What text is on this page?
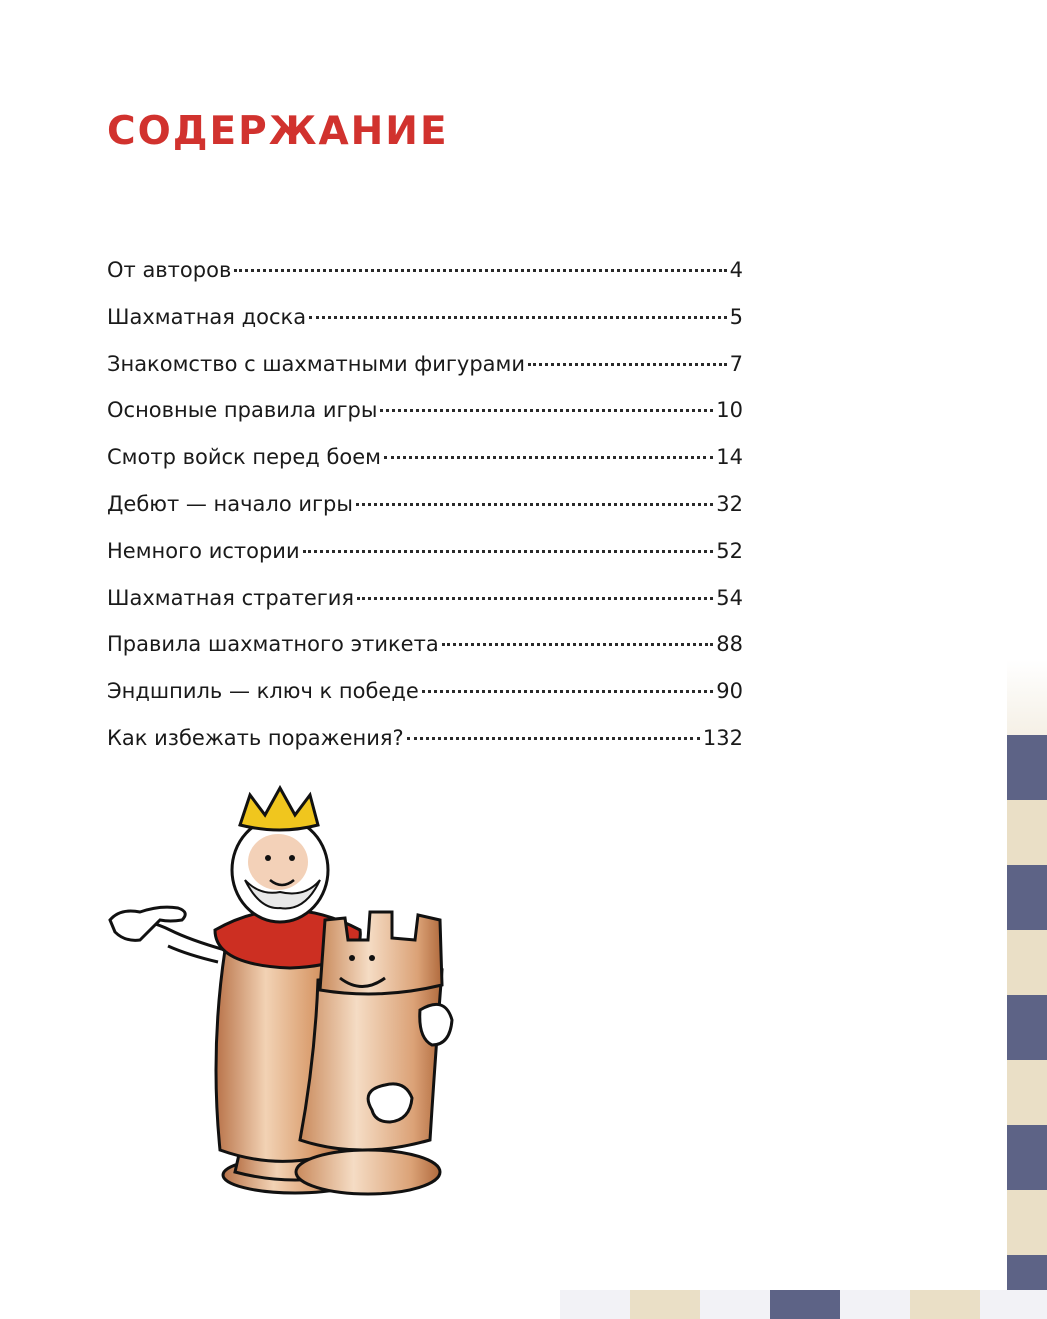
СОДЕРЖАНИЕ
От авторов	4
Шахматная доска	5
Знакомство с шахматными фигурами	7
Основные правила игры	10
Смотр войск перед боем	14
Дебют — начало игры	32
Немного истории	52
Шахматная стратегия	54
Правила шахматного этикета	88
Эндшпиль — ключ к победе	90
Как избежать поражения?	132
